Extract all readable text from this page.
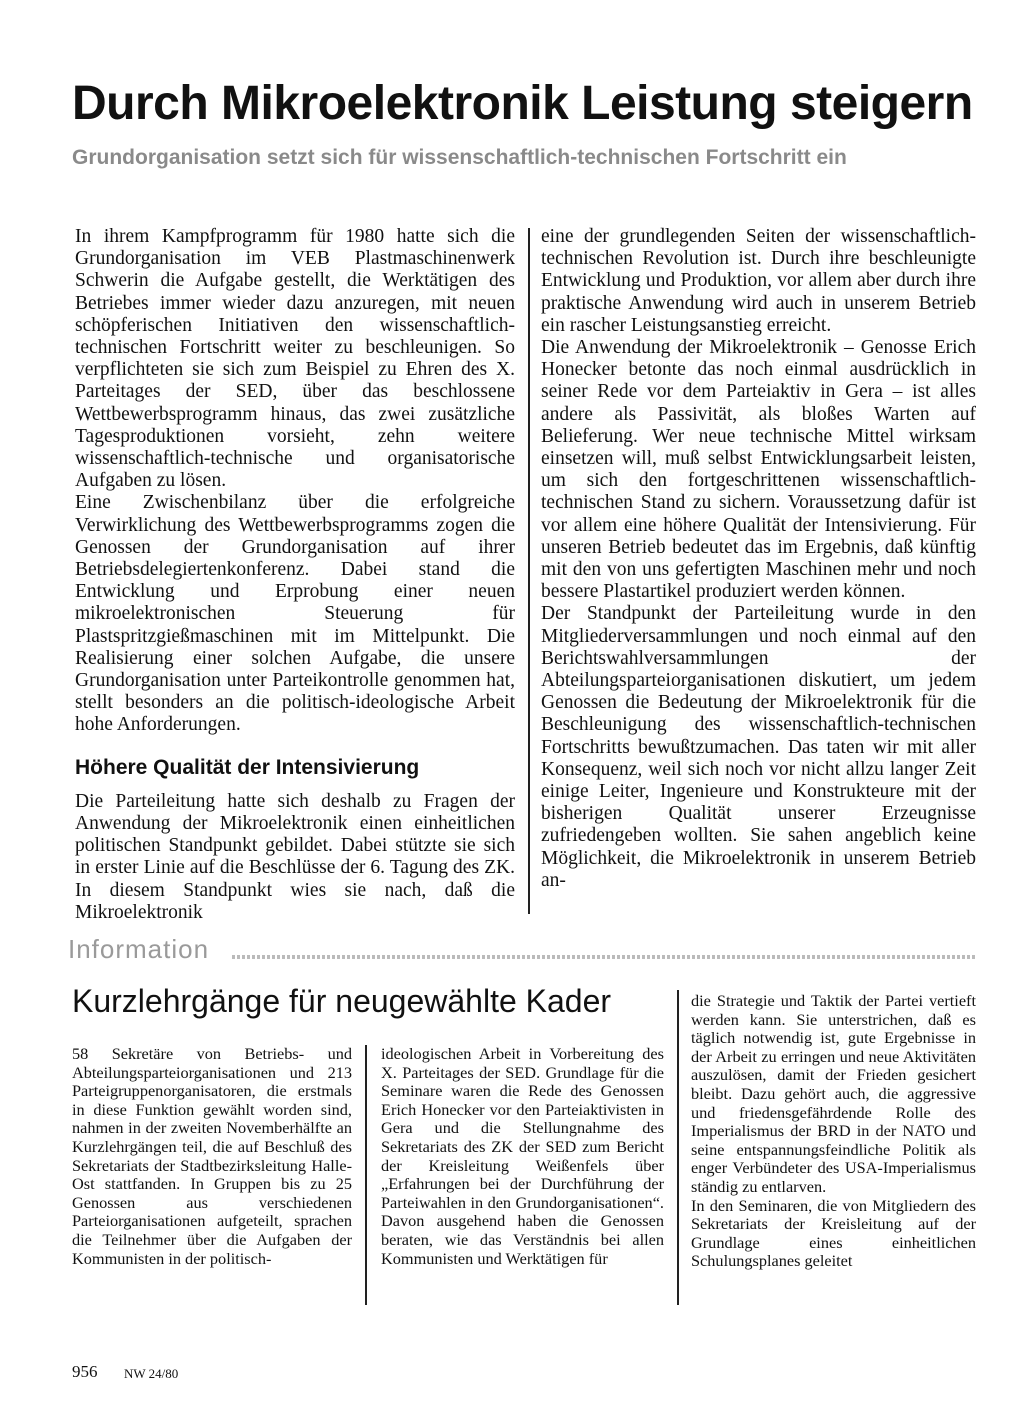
Durch Mikroelektronik Leistung steigern
Grundorganisation setzt sich für wissenschaftlich-technischen Fortschritt ein

In ihrem Kampfprogramm für 1980 hatte sich die Grundorganisation im VEB Plastmaschinenwerk Schwerin die Aufgabe gestellt, die Werktätigen des Betriebes immer wieder dazu anzuregen, mit neuen schöpferischen Initiativen den wissenschaftlich-technischen Fortschritt weiter zu beschleunigen. So verpflichteten sie sich zum Beispiel zu Ehren des X. Parteitages der SED, über das beschlossene Wettbewerbsprogramm hinaus, das zwei zusätzliche Tagesproduktionen vorsieht, zehn weitere wissenschaftlich-technische und organisatorische Aufgaben zu lösen.

Eine Zwischenbilanz über die erfolgreiche Verwirklichung des Wettbewerbsprogramms zogen die Genossen der Grundorganisation auf ihrer Betriebsdelegiertenkonferenz. Dabei stand die Entwicklung und Erprobung einer neuen mikroelektronischen Steuerung für Plastspritzgießmaschinen mit im Mittelpunkt. Die Realisierung einer solchen Aufgabe, die unsere Grundorganisation unter Parteikontrolle genommen hat, stellt besonders an die politisch-ideologische Arbeit hohe Anforderungen.

Höhere Qualität der Intensivierung

Die Parteileitung hatte sich deshalb zu Fragen der Anwendung der Mikroelektronik einen einheitlichen politischen Standpunkt gebildet. Dabei stützte sie sich in erster Linie auf die Beschlüsse der 6. Tagung des ZK. In diesem Standpunkt wies sie nach, daß die Mikroelektronik

eine der grundlegenden Seiten der wissenschaftlich-technischen Revolution ist. Durch ihre beschleunigte Entwicklung und Produktion, vor allem aber durch ihre praktische Anwendung wird auch in unserem Betrieb ein rascher Leistungsanstieg erreicht.

Die Anwendung der Mikroelektronik – Genosse Erich Honecker betonte das noch einmal ausdrücklich in seiner Rede vor dem Parteiaktiv in Gera – ist alles andere als Passivität, als bloßes Warten auf Belieferung. Wer neue technische Mittel wirksam einsetzen will, muß selbst Entwicklungsarbeit leisten, um sich den fortgeschrittenen wissenschaftlich-technischen Stand zu sichern. Voraussetzung dafür ist vor allem eine höhere Qualität der Intensivierung. Für unseren Betrieb bedeutet das im Ergebnis, daß künftig mit den von uns gefertigten Maschinen mehr und noch bessere Plastartikel produziert werden können.

Der Standpunkt der Parteileitung wurde in den Mitgliederversammlungen und noch einmal auf den Berichtswahlversammlungen der Abteilungsparteiorganisationen diskutiert, um jedem Genossen die Bedeutung der Mikroelektronik für die Beschleunigung des wissenschaftlich-technischen Fortschritts bewußtzumachen. Das taten wir mit aller Konsequenz, weil sich noch vor nicht allzu langer Zeit einige Leiter, Ingenieure und Konstrukteure mit der bisherigen Qualität unserer Erzeugnisse zufriedengeben wollten. Sie sahen angeblich keine Möglichkeit, die Mikroelektronik in unserem Betrieb an-

Information
Kurzlehrgänge für neugewählte Kader

58 Sekretäre von Betriebs- und Abteilungsparteiorganisationen und 213 Parteigruppenorganisatoren, die erstmals in diese Funktion gewählt worden sind, nahmen in der zweiten Novemberhälfte an Kurzlehrgängen teil, die auf Beschluß des Sekretariats der Stadtbezirksleitung Halle-Ost stattfanden. In Gruppen bis zu 25 Genossen aus verschiedenen Parteiorganisationen aufgeteilt, sprachen die Teilnehmer über die Aufgaben der Kommunisten in der politisch-

ideologischen Arbeit in Vorbereitung des X. Parteitages der SED. Grundlage für die Seminare waren die Rede des Genossen Erich Honecker vor den Parteiaktivisten in Gera und die Stellungnahme des Sekretariats des ZK der SED zum Bericht der Kreisleitung Weißenfels über „Erfahrungen bei der Durchführung der Parteiwahlen in den Grundorganisationen“. Davon ausgehend haben die Genossen beraten, wie das Verständnis bei allen Kommunisten und Werktätigen für

die Strategie und Taktik der Partei vertieft werden kann. Sie unterstrichen, daß es täglich notwendig ist, gute Ergebnisse in der Arbeit zu erringen und neue Aktivitäten auszulösen, damit der Frieden gesichert bleibt. Dazu gehört auch, die aggressive und friedensgefährdende Rolle des Imperialismus der BRD in der NATO und seine entspannungsfeindliche Politik als enger Verbündeter des USA-Imperialismus ständig zu entlarven.

In den Seminaren, die von Mitgliedern des Sekretariats der Kreisleitung auf der Grundlage eines einheitlichen Schulungsplanes geleitet

956 NW 24/80
